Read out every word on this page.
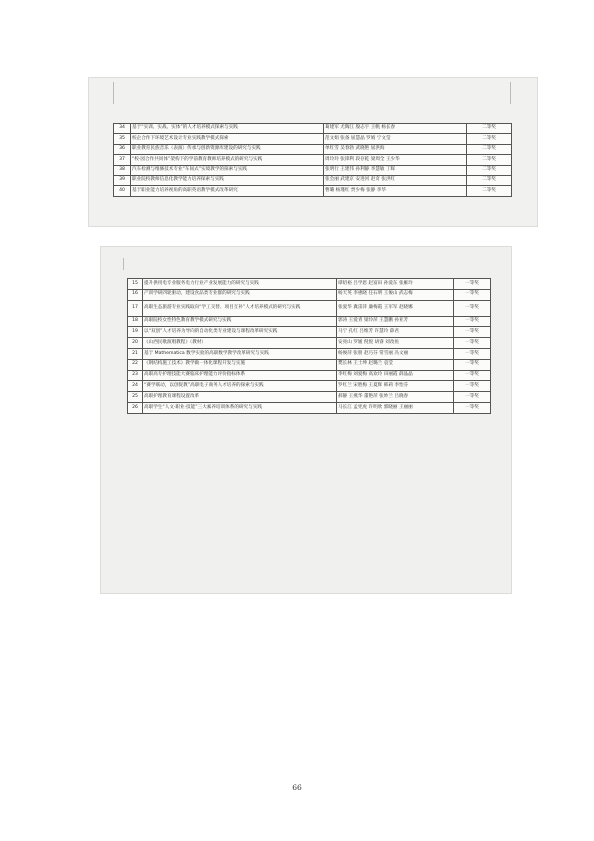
34	基于“实训、实战、实体”的人才培养模式探索与实践	葛建军 尤陶江 殷志宇 王帆 杨长春	二等奖
35	校企合作下环境艺术设计专业实践教学模式探索	范文娟 张备 屈慧晶 罗娟 宁文莹	二等奖
36	职业教育民族音乐（表演）传承与创新资源库建设的研究与实践	单红雪 吴春勃 武晓艳 屈洪海	二等奖
37	“校·园合作共同体”架构下的学前教育教师培养模式的研究与实践	周玲玲 张锋利 段存乾 梁周全 王少华	二等奖
38	汽车检测与维修技术专业“车间式”实境教学的探索与实践	张明行 王建伟 孙利静 李慧敏 丁晖	二等奖
39	职业院校教师信息化教学能力培养探索与实践	张会丽 武建京 安进河 赵奇 张洪红	二等奖
40	基于职业能力培养视角的高职英语教学模式改革研究	曹璐 杨瑾红 贾少梅 张静 李华	二等奖
15	提升供用电专业服务电力行业产业发展能力的研究与实践	谭绍裕 吕学恩 赵富田 孙爱东 张雁玲	一等奖
16	产训学研四轮驱动，建设食品类专业群的研究与实践	杨天英 李惠晓 任石明 王俊山 武志梅	一等奖
17	高职生态旅游专业实践取向“学工交替、项目互补”人才培养模式的研究与实践	张爱华 冀雷萍 廉梅霞 王军军 赵晓娜	一等奖
18	高职院校女性特色教育教学模式研究与实践	郭涛 王爱青 梁玲萍 王慧鹏 孙亚芳	一等奖
19	以“双创”人才培养为导向的自动化类专业建设与课程改革研究实践	马宁 孔红 吕维芳 许慧玲 薛君	一等奖
20	《山西民歌演唱教程》（教材）	安亮山 罗媛 倪悦 胡睿 刘改鱼	一等奖
21	基于 Mathematica 数学实验的高职数学教学改革研究与实践	杨俊萍 张朋 赵巧芬 常雪丽 冯文丽	一等奖
22	《钢结构施工技术》教学做一体化课程开发与实施	樊长林 王士坤 赵璐兰 袁莹	一等奖
23	高职高专护理技能大赛临床护理能力评价指标体系	李红梅 刘爱梅 高欢玲 田丽霞 薛晶晶	一等奖
24	“赛学联动，以创促教”高职电子商务人才培养的探索与实践	罗红兰 宋胜梅 王夏辉 韩莉 李怡芬	一等奖
25	高职护理教育课程设置改革	郝静 王燕华 董艳萍 张妙兰 吕晓春	一等奖
26	高职学生“人文·职业·技能”三大素养培训体系的研究与实践	马长江 孟宪虎 许明欣 郭晓丽 王丽丽	一等奖
66
